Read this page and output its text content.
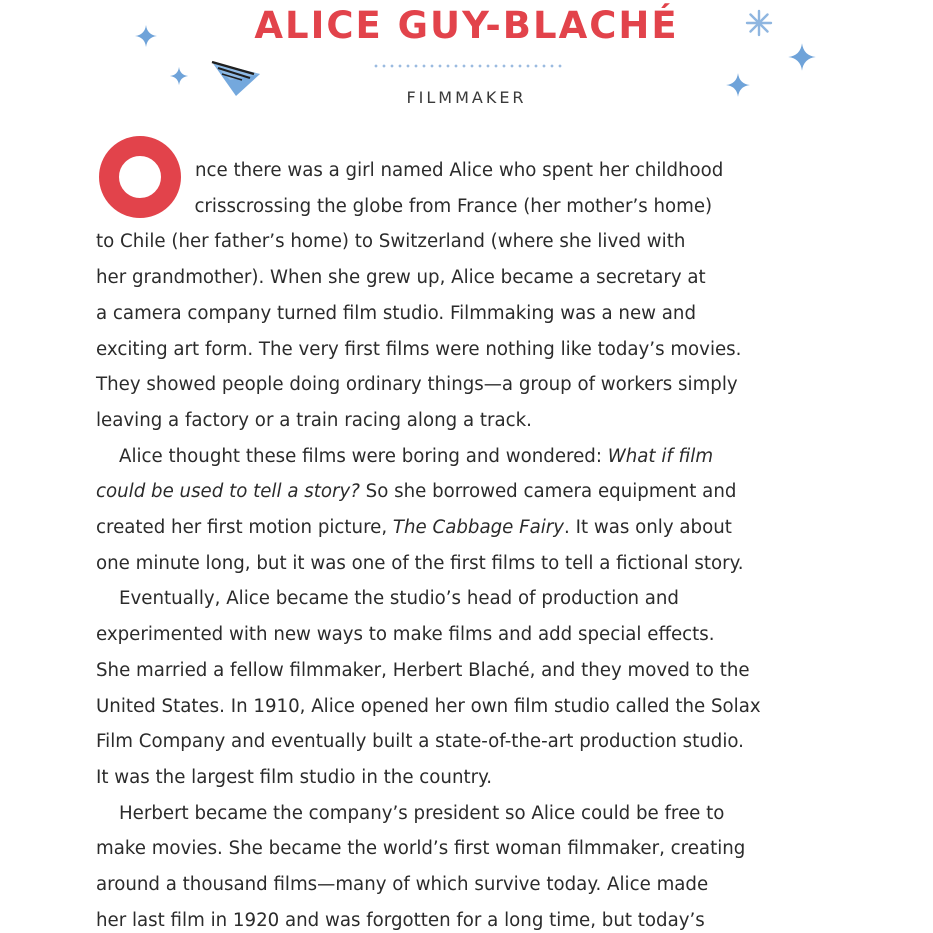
ALICE GUY-BLACHÉ
FILMMAKER

nce there was a girl named Alice who spent her childhood
crisscrossing the globe from France (her mother’s home)
to Chile (her father’s home) to Switzerland (where she lived with
her grandmother). When she grew up, Alice became a secretary at
a camera company turned film studio. Filmmaking was a new and
exciting art form. The very first films were nothing like today’s movies.
They showed people doing ordinary things—a group of workers simply
leaving a factory or a train racing along a track.

Alice thought these films were boring and wondered: What if film
could be used to tell a story? So she borrowed camera equipment and
created her first motion picture, The Cabbage Fairy. It was only about
one minute long, but it was one of the first films to tell a fictional story.

Eventually, Alice became the studio’s head of production and
experimented with new ways to make films and add special effects.
She married a fellow filmmaker, Herbert Blaché, and they moved to the
United States. In 1910, Alice opened her own film studio called the Solax
Film Company and eventually built a state-of-the-art production studio.
It was the largest film studio in the country.

Herbert became the company’s president so Alice could be free to
make movies. She became the world’s first woman filmmaker, creating
around a thousand films—many of which survive today. Alice made
her last film in 1920 and was forgotten for a long time, but today’s
